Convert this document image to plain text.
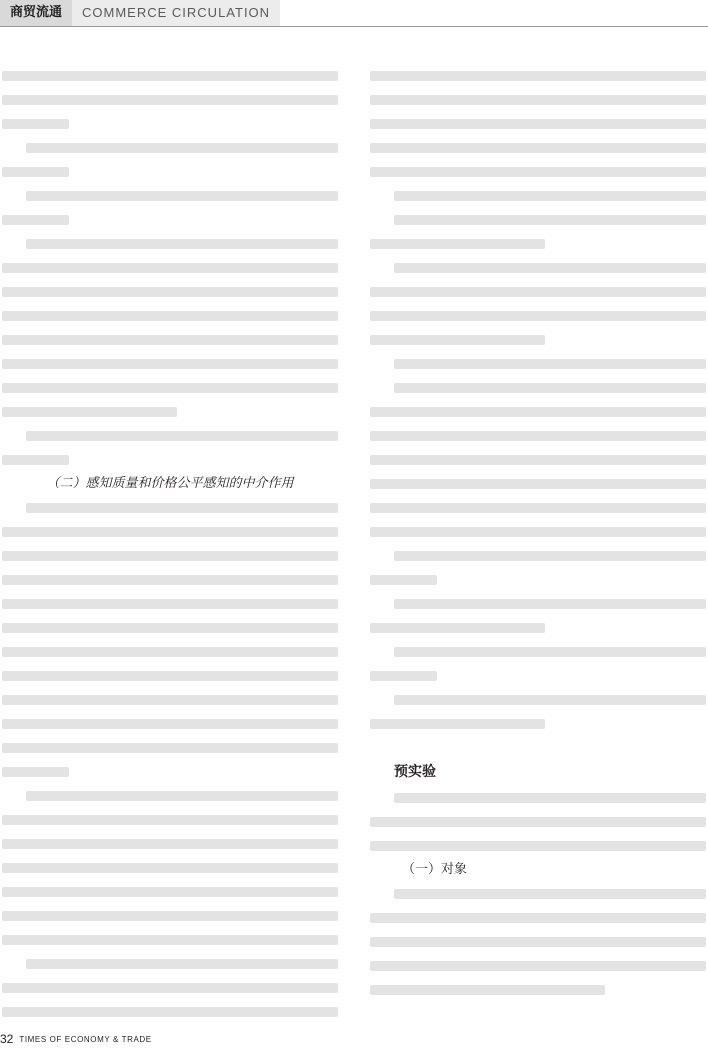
商贸流通	COMMERCE CIRCULATION
（二）感知质量和价格公平感知的中介作用
预实验
（一）对象
32 TIMES OF ECONOMY & TRADE
